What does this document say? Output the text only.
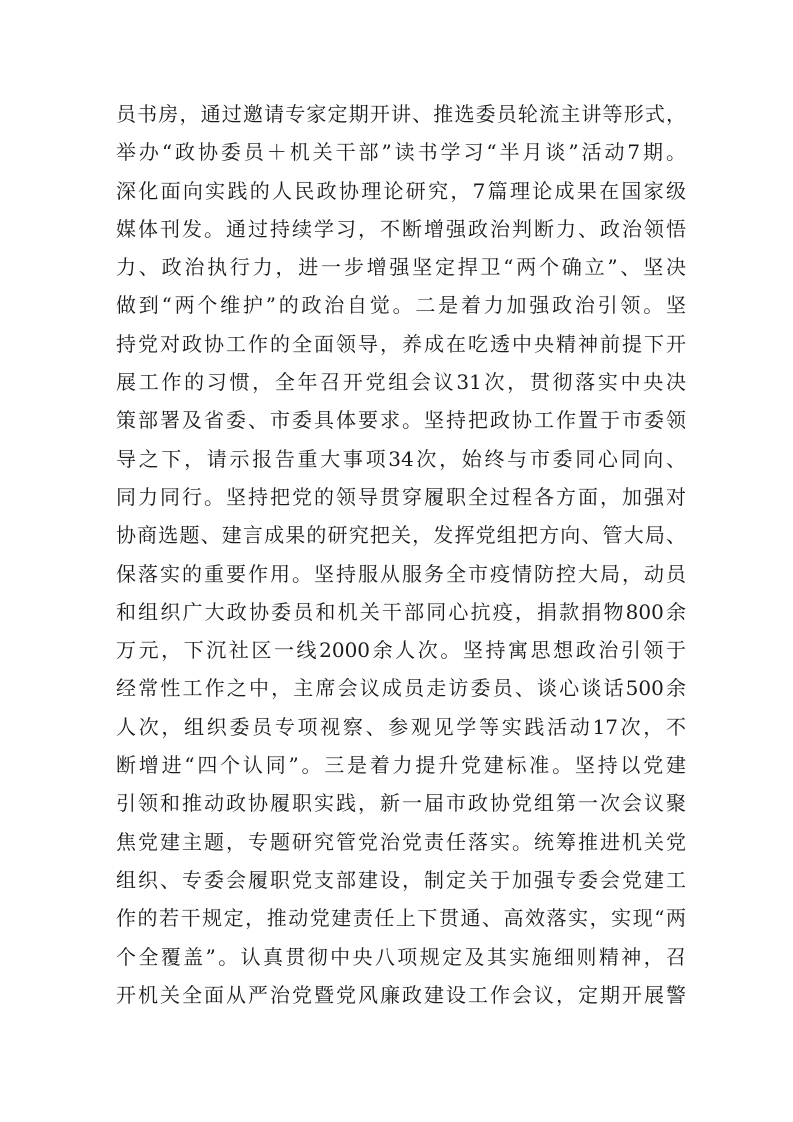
员书房，通过邀请专家定期开讲、推选委员轮流主讲等形式，
举办“政协委员＋机关干部”读书学习“半月谈”活动7期。
深化面向实践的人民政协理论研究，7篇理论成果在国家级
媒体刊发。通过持续学习，不断增强政治判断力、政治领悟
力、政治执行力，进一步增强坚定捍卫“两个确立”、坚决
做到“两个维护”的政治自觉。二是着力加强政治引领。坚
持党对政协工作的全面领导，养成在吃透中央精神前提下开
展工作的习惯，全年召开党组会议31次，贯彻落实中央决
策部署及省委、市委具体要求。坚持把政协工作置于市委领
导之下，请示报告重大事项34次，始终与市委同心同向、
同力同行。坚持把党的领导贯穿履职全过程各方面，加强对
协商选题、建言成果的研究把关，发挥党组把方向、管大局、
保落实的重要作用。坚持服从服务全市疫情防控大局，动员
和组织广大政协委员和机关干部同心抗疫，捐款捐物800余
万元，下沉社区一线2000余人次。坚持寓思想政治引领于
经常性工作之中，主席会议成员走访委员、谈心谈话500余
人次，组织委员专项视察、参观见学等实践活动17次，不
断增进“四个认同”。三是着力提升党建标准。坚持以党建
引领和推动政协履职实践，新一届市政协党组第一次会议聚
焦党建主题，专题研究管党治党责任落实。统筹推进机关党
组织、专委会履职党支部建设，制定关于加强专委会党建工
作的若干规定，推动党建责任上下贯通、高效落实，实现“两
个全覆盖”。认真贯彻中央八项规定及其实施细则精神，召
开机关全面从严治党暨党风廉政建设工作会议，定期开展警
